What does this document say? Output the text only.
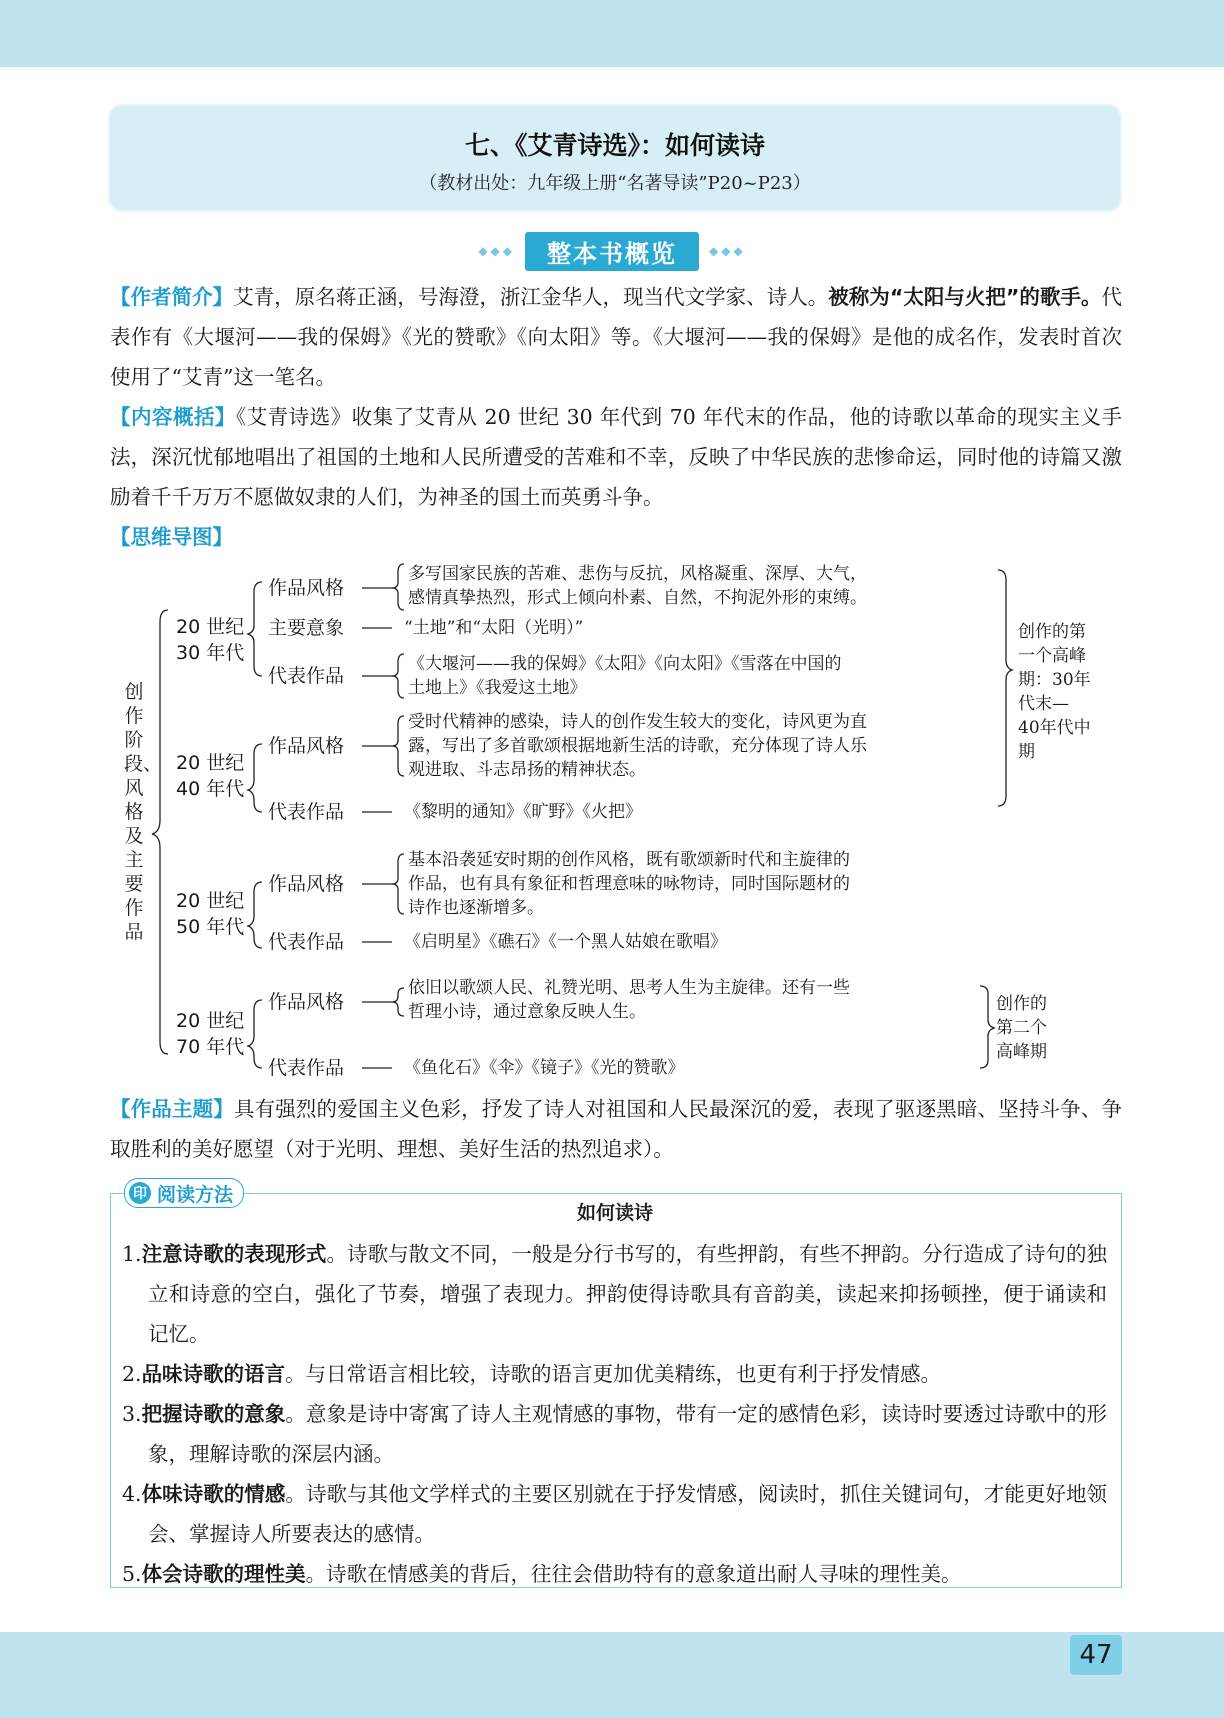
七、《艾青诗选》：如何读诗
（教材出处：九年级上册“名著导读”P20~P23）
◆◆◆	整本书概览	◆◆◆
【作者简介】艾青，原名蒋正涵，号海澄，浙江金华人，现当代文学家、诗人。被称为“太阳与火把”的歌手。代表作有《大堰河——我的保姆》《光的赞歌》《向太阳》等。《大堰河——我的保姆》是他的成名作，发表时首次使用了“艾青”这一笔名。
【内容概括】《艾青诗选》收集了艾青从 20 世纪 30 年代到 70 年代末的作品，他的诗歌以革命的现实主义手法，深沉忧郁地唱出了祖国的土地和人民所遭受的苦难和不幸，反映了中华民族的悲惨命运，同时他的诗篇又激励着千千万万不愿做奴隶的人们，为神圣的国土而英勇斗争。
【思维导图】
创作阶段、风格及主要作品
20 世纪
30 年代
作品风格
多写国家民族的苦难、悲伤与反抗，风格凝重、深厚、大气，
感情真挚热烈，形式上倾向朴素、自然，不拘泥外形的束缚。
主要意象	“土地”和“太阳（光明）”
代表作品
《大堰河——我的保姆》《太阳》《向太阳》《雪落在中国的
土地上》《我爱这土地》
20 世纪
40 年代
作品风格
受时代精神的感染，诗人的创作发生较大的变化，诗风更为直
露，写出了多首歌颂根据地新生活的诗歌，充分体现了诗人乐
观进取、斗志昂扬的精神状态。
代表作品	《黎明的通知》《旷野》《火把》
20 世纪
50 年代
作品风格
基本沿袭延安时期的创作风格，既有歌颂新时代和主旋律的
作品，也有具有象征和哲理意味的咏物诗，同时国际题材的
诗作也逐渐增多。
代表作品	《启明星》《礁石》《一个黑人姑娘在歌唱》
20 世纪
70 年代
作品风格
依旧以歌颂人民、礼赞光明、思考人生为主旋律。还有一些
哲理小诗，通过意象反映人生。
代表作品	《鱼化石》《伞》《镜子》《光的赞歌》
创作的第
一个高峰
期：30年
代末—
40年代中
期
创作的
第二个
高峰期
【作品主题】具有强烈的爱国主义色彩，抒发了诗人对祖国和人民最深沉的爱，表现了驱逐黑暗、坚持斗争、争取胜利的美好愿望（对于光明、理想、美好生活的热烈追求）。
印 阅读方法
如何读诗
1.注意诗歌的表现形式。诗歌与散文不同，一般是分行书写的，有些押韵，有些不押韵。分行造成了诗句的独立和诗意的空白，强化了节奏，增强了表现力。押韵使得诗歌具有音韵美，读起来抑扬顿挫，便于诵读和记忆。
2.品味诗歌的语言。与日常语言相比较，诗歌的语言更加优美精练，也更有利于抒发情感。
3.把握诗歌的意象。意象是诗中寄寓了诗人主观情感的事物，带有一定的感情色彩，读诗时要透过诗歌中的形象，理解诗歌的深层内涵。
4.体味诗歌的情感。诗歌与其他文学样式的主要区别就在于抒发情感，阅读时，抓住关键词句，才能更好地领会、掌握诗人所要表达的感情。
5.体会诗歌的理性美。诗歌在情感美的背后，往往会借助特有的意象道出耐人寻味的理性美。
47
